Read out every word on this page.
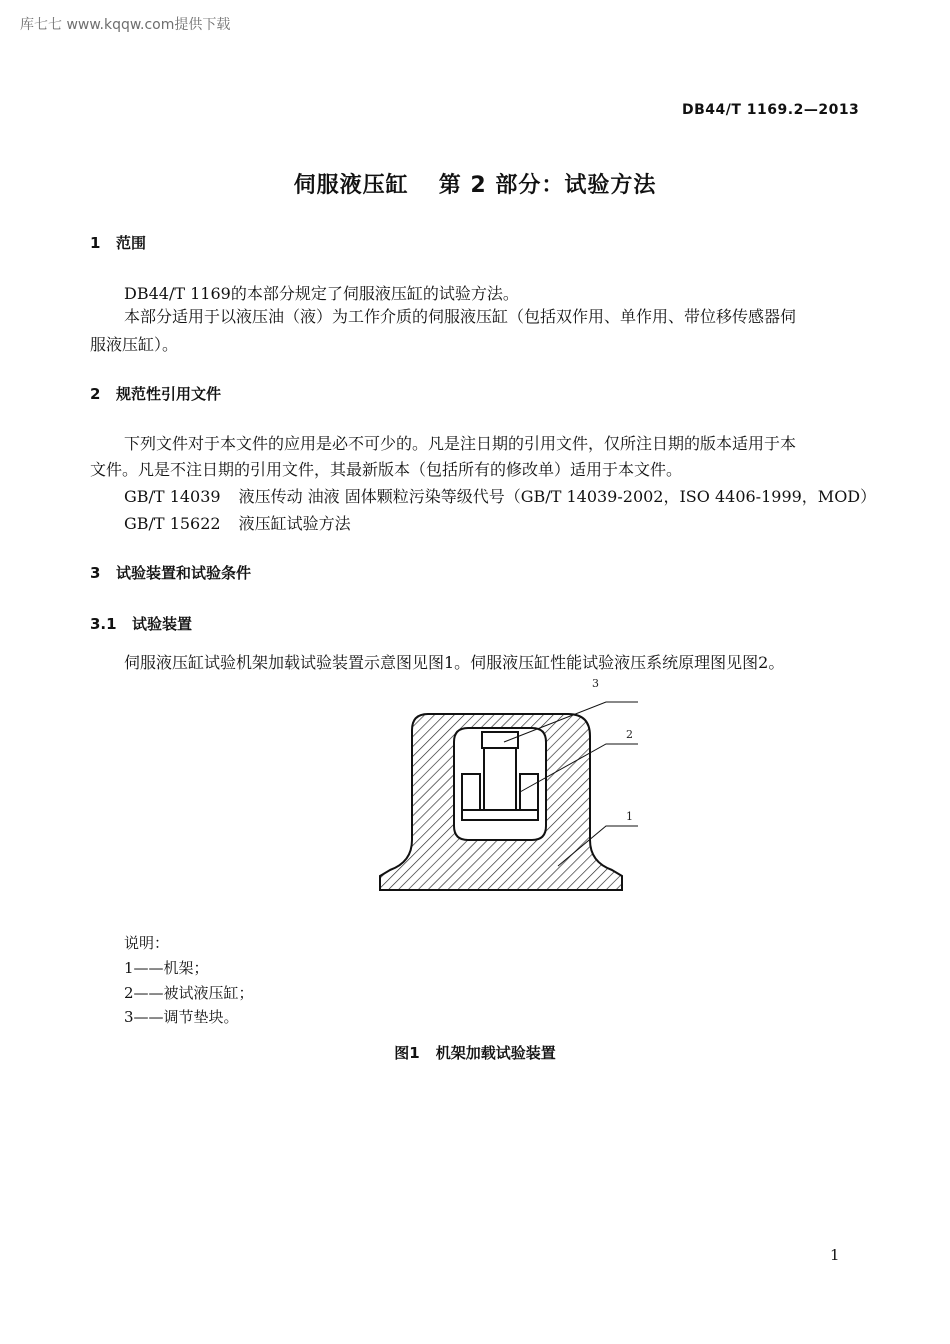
库七七 www.kqqw.com提供下载
DB44/T 1169.2—2013
伺服液压缸 第 2 部分：试验方法
1 范围

DB44/T 1169的本部分规定了伺服液压缸的试验方法。

本部分适用于以液压油（液）为工作介质的伺服液压缸（包括双作用、单作用、带位移传感器伺

服液压缸）。

2 规范性引用文件

下列文件对于本文件的应用是必不可少的。凡是注日期的引用文件，仅所注日期的版本适用于本

文件。凡是不注日期的引用文件，其最新版本（包括所有的修改单）适用于本文件。

GB/T 14039 液压传动 油液 固体颗粒污染等级代号（GB/T 14039-2002，ISO 4406-1999，MOD）

GB/T 15622 液压缸试验方法

3 试验装置和试验条件
3.1 试验装置

伺服液压缸试验机架加载试验装置示意图见图1。伺服液压缸性能试验液压系统原理图见图2。

3
2
1
说明：
1——机架；
2——被试液压缸；
3——调节垫块。
图1 机架加载试验装置
1
